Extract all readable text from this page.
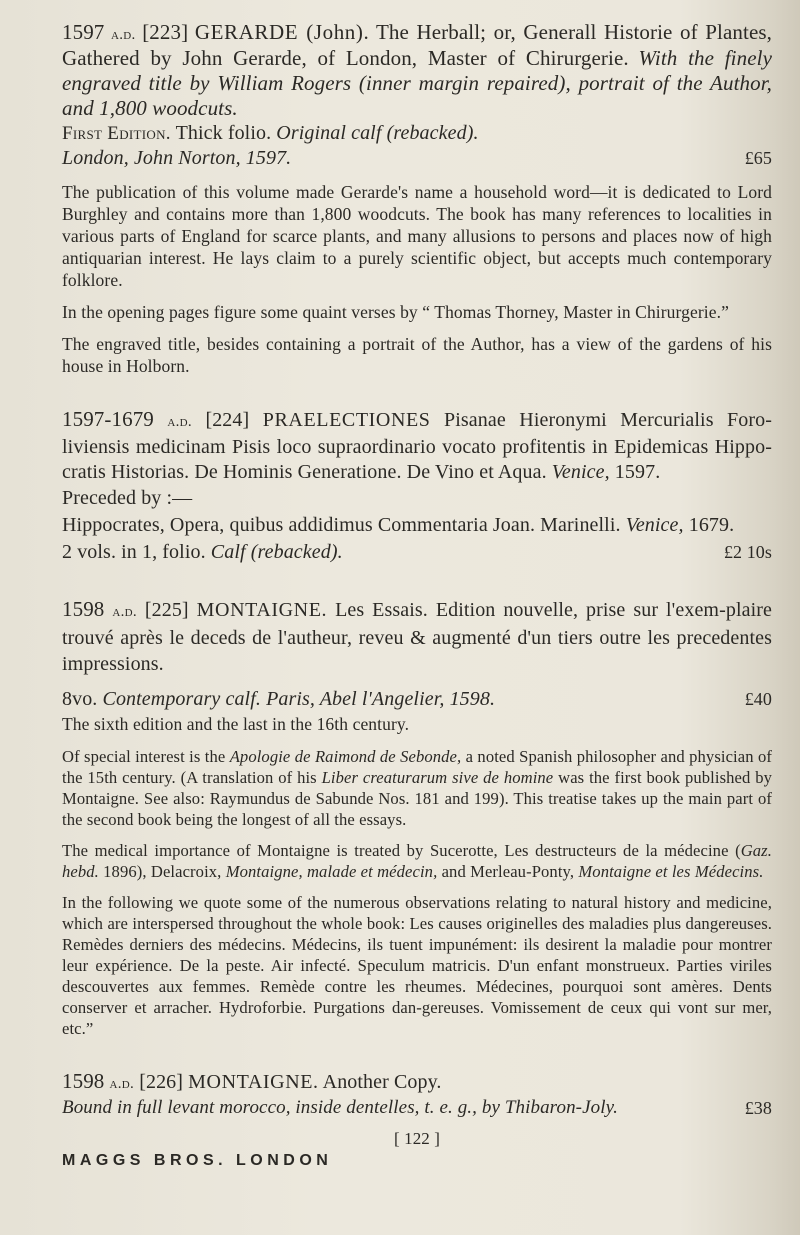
1597 a.d. [223] GERARDE (John). The Herball; or, Generall Historie of Plantes, Gathered by John Gerarde, of London, Master of Chirurgerie. With the finely engraved title by William Rogers (inner margin repaired), portrait of the Author, and 1,800 woodcuts.

First Edition. Thick folio. Original calf (rebacked).

London, John Norton, 1597.	£65

The publication of this volume made Gerarde's name a household word—it is dedicated to Lord Burghley and contains more than 1,800 woodcuts. The book has many references to localities in various parts of England for scarce plants, and many allusions to persons and places now of high antiquarian interest. He lays claim to a purely scientific object, but accepts much contemporary folklore.

In the opening pages figure some quaint verses by “ Thomas Thorney, Master in Chirurgerie.”

The engraved title, besides containing a portrait of the Author, has a view of the gardens of his house in Holborn.

1597-1679 a.d. [224] PRAELECTIONES Pisanae Hieronymi Mercurialis Foro-liviensis medicinam Pisis loco supraordinario vocato profitentis in Epidemicas Hippo-cratis Historias. De Hominis Generatione. De Vino et Aqua. Venice, 1597.

Preceded by :—

Hippocrates, Opera, quibus addidimus Commentaria Joan. Marinelli. Venice, 1679.

2 vols. in 1, folio. Calf (rebacked).	£2 10s

1598 a.d. [225] MONTAIGNE. Les Essais. Edition nouvelle, prise sur l'exem-plaire trouvé après le deceds de l'autheur, reveu & augmenté d'un tiers outre les precedentes impressions.

8vo. Contemporary calf. Paris, Abel l'Angelier, 1598.	£40

The sixth edition and the last in the 16th century.

Of special interest is the Apologie de Raimond de Sebonde, a noted Spanish philosopher and physician of the 15th century. (A translation of his Liber creaturarum sive de homine was the first book published by Montaigne. See also: Raymundus de Sabunde Nos. 181 and 199). This treatise takes up the main part of the second book being the longest of all the essays.

The medical importance of Montaigne is treated by Sucerotte, Les destructeurs de la médecine (Gaz. hebd. 1896), Delacroix, Montaigne, malade et médecin, and Merleau-Ponty, Montaigne et les Médecins.

In the following we quote some of the numerous observations relating to natural history and medicine, which are interspersed throughout the whole book: Les causes originelles des maladies plus dangereuses. Remèdes derniers des médecins. Médecins, ils tuent impunément: ils desirent la maladie pour montrer leur expérience. De la peste. Air infecté. Speculum matricis. D'un enfant monstrueux. Parties viriles descouvertes aux femmes. Remède contre les rheumes. Médecines, pourquoi sont amères. Dents conserver et arracher. Hydroforbie. Purgations dan-gereuses. Vomissement de ceux qui vont sur mer, etc.”

1598 a.d. [226] MONTAIGNE. Another Copy.

Bound in full levant morocco, inside dentelles, t. e. g., by Thibaron-Joly.	£38

[ 122 ]

MAGGS BROS. LONDON
